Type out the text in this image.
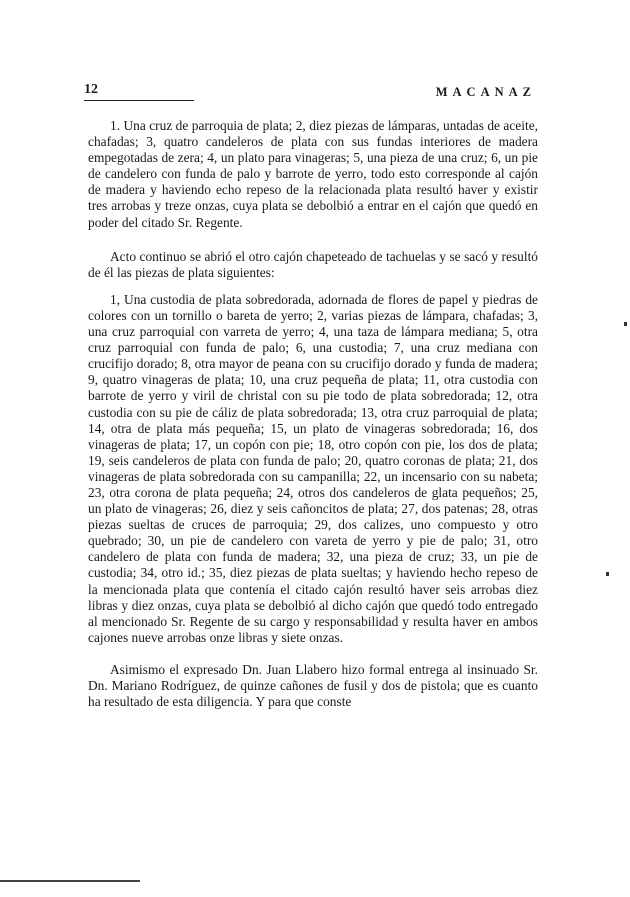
12	MACANAZ

1. Una cruz de parroquia de plata; 2, diez piezas de lámparas, untadas de aceite, chafadas; 3, quatro candeleros de plata con sus fundas interiores de madera empegotadas de zera; 4, un plato para vinageras; 5, una pieza de una cruz; 6, un pie de candelero con funda de palo y barrote de yerro, todo esto corresponde al cajón de madera y haviendo echo repeso de la relacionada plata resultó haver y existir tres arrobas y treze onzas, cuya plata se debolbió a entrar en el cajón que quedó en poder del citado Sr. Regente.

Acto continuo se abrió el otro cajón chapeteado de tachuelas y se sacó y resultó de él las piezas de plata siguientes:

1, Una custodia de plata sobredorada, adornada de flores de papel y piedras de colores con un tornillo o bareta de yerro; 2, varias piezas de lámpara, chafadas; 3, una cruz parroquial con varreta de yerro; 4, una taza de lámpara mediana; 5, otra cruz parroquial con funda de palo; 6, una custodia; 7, una cruz mediana con crucifijo dorado; 8, otra mayor de peana con su crucifijo dorado y funda de madera; 9, quatro vinageras de plata; 10, una cruz pequeña de plata; 11, otra custodia con barrote de yerro y viril de christal con su pie todo de plata sobredorada; 12, otra custodia con su pie de cáliz de plata sobredorada; 13, otra cruz parroquial de plata; 14, otra de plata más pequeña; 15, un plato de vinageras sobredorada; 16, dos vinageras de plata; 17, un copón con pie; 18, otro copón con pie, los dos de plata; 19, seis candeleros de plata con funda de palo; 20, quatro coronas de plata; 21, dos vinageras de plata sobredorada con su campanilla; 22, un incensario con su nabeta; 23, otra corona de plata pequeña; 24, otros dos candeleros de glata pequeños; 25, un plato de vinageras; 26, diez y seis cañoncitos de plata; 27, dos patenas; 28, otras piezas sueltas de cruces de parroquia; 29, dos calizes, uno compuesto y otro quebrado; 30, un pie de candelero con vareta de yerro y pie de palo; 31, otro candelero de plata con funda de madera; 32, una pieza de cruz; 33, un pie de custodia; 34, otro id.; 35, diez piezas de plata sueltas; y haviendo hecho repeso de la mencionada plata que contenía el citado cajón resultó haver seis arrobas diez libras y diez onzas, cuya plata se debolbió al dicho cajón que quedó todo entregado al mencionado Sr. Regente de su cargo y responsabilidad y resulta haver en ambos cajones nueve arrobas onze libras y siete onzas.

Asimismo el expresado Dn. Juan Llabero hizo formal entrega al insinuado Sr. Dn. Mariano Rodríguez, de quinze cañones de fusil y dos de pistola; que es cuanto ha resultado de esta diligencia. Y para que conste
